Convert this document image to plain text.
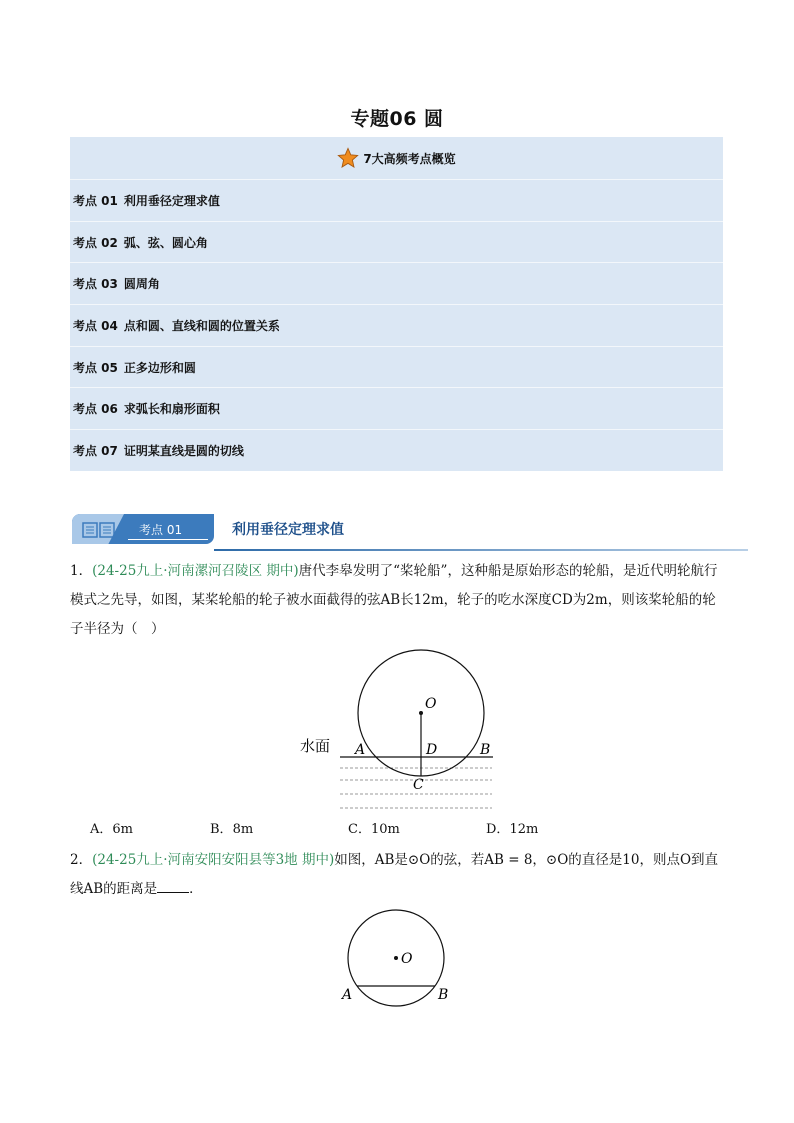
专题06 圆
7大高频考点概览
考点 01 利用垂径定理求值
考点 02 弧、弦、圆心角
考点 03 圆周角
考点 04 点和圆、直线和圆的位置关系
考点 05 正多边形和圆
考点 06 求弧长和扇形面积
考点 07 证明某直线是圆的切线
考点 01	利用垂径定理求值
1．(24-25九上·河南漯河召陵区 期中)唐代李皋发明了“桨轮船”，这种船是原始形态的轮船，是近代明轮航行模式之先导，如图，某桨轮船的轮子被水面截得的弦AB长12m，轮子的吃水深度CD为2m，则该桨轮船的轮子半径为（　）
水面
O
A	D	B
C
A．6m	B．8m	C．10m	D．12m
2．(24-25九上·河南安阳安阳县等3地 期中)如图，AB是⊙O的弦，若AB = 8，⊙O的直径是10，则点O到直线AB的距离是 ．
O
A	B
